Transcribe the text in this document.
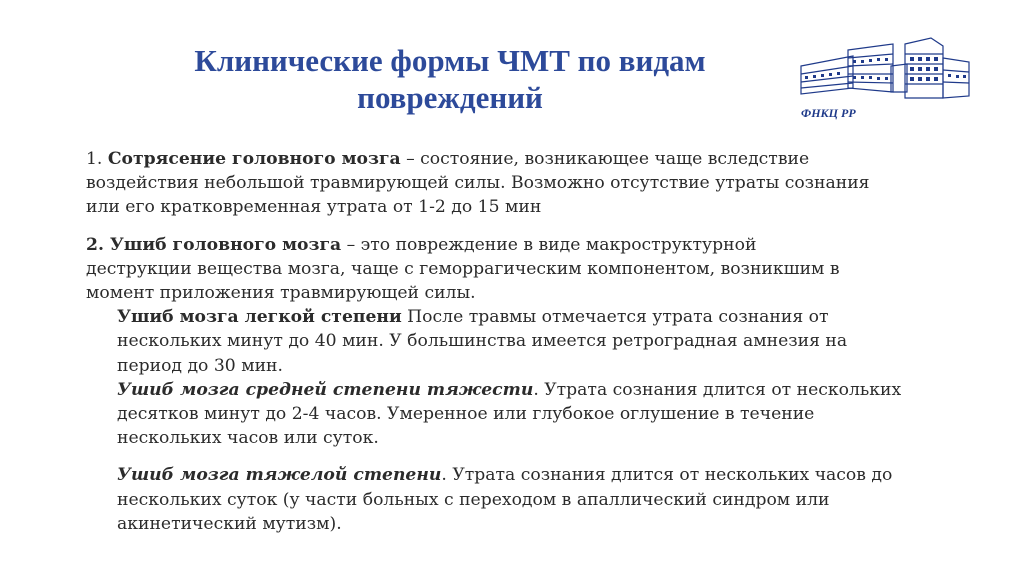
Клинические формы ЧМТ по видам
повреждений	ФНКЦ РР

1. Сотрясение головного мозга – состояние, возникающее чаще вследствие
воздействия небольшой травмирующей силы. Возможно отсутствие утраты сознания
или его кратковременная утрата от 1-2 до 15 мин

2. Ушиб головного мозга – это повреждение в виде макроструктурной
деструкции вещества мозга, чаще с геморрагическим компонентом, возникшим в
момент приложения травмирующей силы.

Ушиб мозга легкой степени После травмы отмечается утрата сознания от
нескольких минут до 40 мин. У большинства имеется ретроградная амнезия на
период до 30 мин.

Ушиб мозга средней степени тяжести. Утрата сознания длится от нескольких
десятков минут до 2-4 часов. Умеренное или глубокое оглушение в течение
нескольких часов или суток.

Ушиб мозга тяжелой степени. Утрата сознания длится от нескольких часов до
нескольких суток (у части больных с переходом в апаллический синдром или
акинетический мутизм).
